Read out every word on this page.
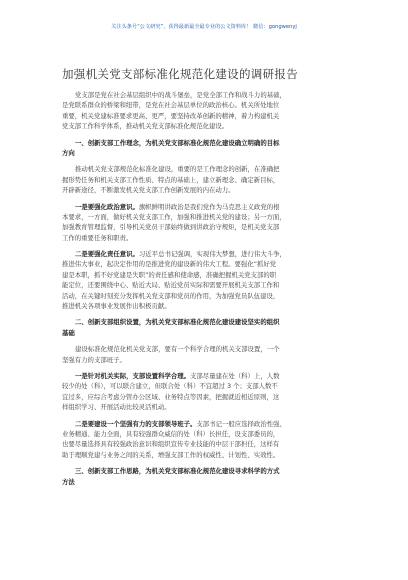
关注头条号“公文研究”，获得最新最全最专业的公文资料库！ 微信：gongwenyj
加强机关党支部标准化规范化建设的调研报告
党支部是党在社会基层组织中的战斗堡垒，是党全部工作和战斗力的基础，
是党联系群众的桥梁和纽带，是党在社会基层单位的政治核心。机关所处地位
重要，机关党建标准要求更高、更严，要坚持改革创新的精神，着力构建机关
党支部工作科学体系，推动机关党支部标准化规范化建设。
一、创新支部工作理念，为机关党支部标准化规范化建设确立明确的目标
方向
推动机关党支部规范化标准化建设，重要的是工作理念的创新，在准确把
握形势任务和机关支部工作性质、特点的基础上，建立新理念、确定新目标，
开辟新途径，不断激发机关党支部工作创新发展的内在动力。
一是要强化政治意识。旗帜鲜明讲政治是我们党作为马克思主义政党的根
本要求，一方面，做好机关党支部工作，加强和推进机关党的建设；另一方面，
加强教育管理监督，引导机关党员干部始终做到讲政治守规矩，是机关党支部
工作的重要任务和职责。
二是要强化责任意识。习近平总书记强调，实现伟大梦想，进行伟大斗争，
推进伟大事业，起决定作用的是推进党的建设新的伟大工程。要强化“抓好党
建是本职，抓不好党建是失职”的责任感和使命感，准确把握机关党支部的职
能定位，还要围绕中心、贴近大局、贴近党员实际和需要开展机关支部工作和
活动，在关键时刻充分发挥机关党支部和党员的作用，为加强党员队伍建设，
推进机关各项事业发展作出积极贡献。
二、创新支部组织设置，为机关党支部标准化规范化建设建设坚实的组织
基础
建设标准化规范化机关党支部，要有一个科学合理的机关支部设置，一个
坚强有力的支部班子。
一是针对机关实际，支部设置科学合理。支部尽量建在处（科）上，人数
较少的处（科），可以联合建立，但联合处（科）不宜超过 3 个；支部人数不
宜过多，应综合考虑分管办公区域、业务特点等因素，把握就近相近原则，这
样组织学习、开展活动比较灵活机动。
二是要建设一个坚强有力的支部领导班子。支部书记一般应选择政治性强、
业务精通、能力全面，具有较强群众威信的处（科）长担任，设支部委员的，
也要尽量选择具有较强政治意识和组织宣传专业技能的中层干部担任，这样有
助于理顺党建与业务之间的关系，增强支部工作的权威性、计划性、实效性。
三、创新支部工作思路，为机关党支部标准化规范化建设寻求科学的方式
方法
